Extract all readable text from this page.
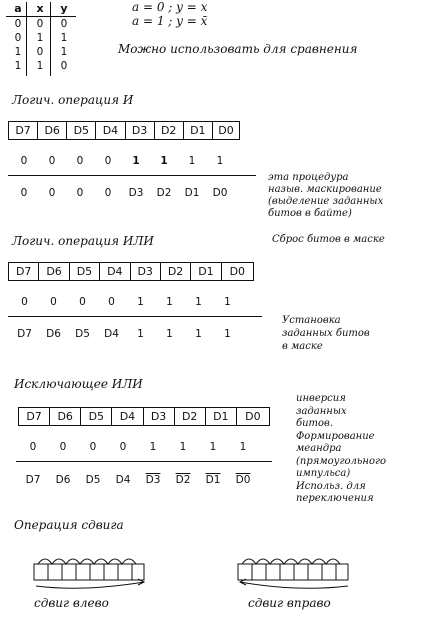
a	x	y
0	0	0
0	1	1
1	0	1
1	1	0
a = 0 ; y = x
a = 1 ; y = x̄
Можно использовать для сравнения
Логич. операция И
D7	D6	D5	D4	D3	D2	D1	D0
0	0	0	0	1	1	1	1
0	0	0	0	D3	D2	D1	D0
эта процедура
назыв. маскирование
(выделение заданных
битов в байте)
Логич. операция ИЛИ	Сброс битов в маске
D7	D6	D5	D4	D3	D2	D1	D0
0	0	0	0	1	1	1	1
D7	D6	D5	D4	1	1	1	1
Установка
заданных битов
в маске
Исключающее ИЛИ
D7	D6	D5	D4	D3	D2	D1	D0
0	0	0	0	1	1	1	1
D7	D6	D5	D4	D3	D2	D1	D0
инверсия
заданных
битов.
Формирование
меандра
(прямоугольного
импульса)
Использ. для
переключения
Операция сдвига
сдвиг влево	сдвиг вправо
